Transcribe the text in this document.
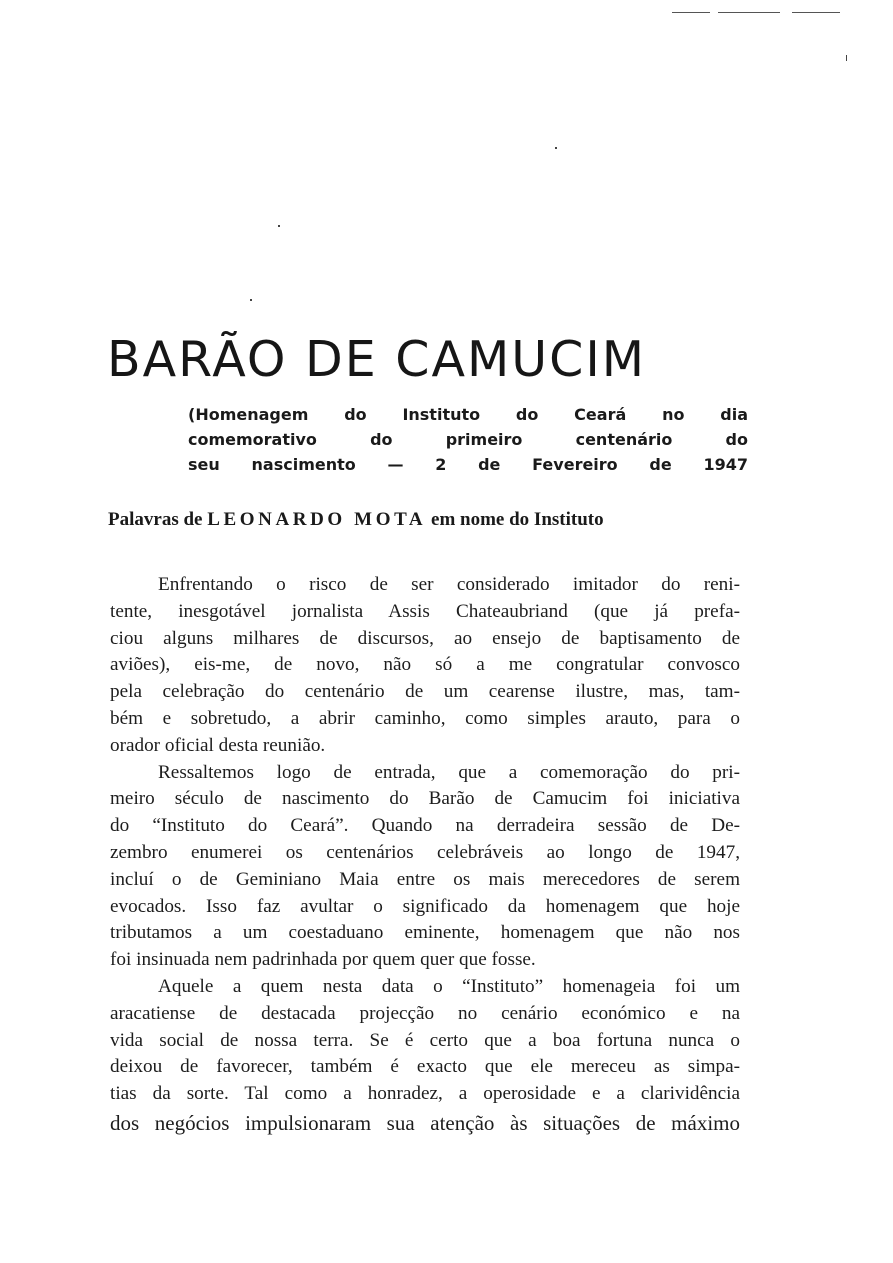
BARÃO DE CAMUCIM
(Homenagem do Instituto do Ceará no dia
comemorativo do primeiro centenário do
seu nascimento — 2 de Fevereiro de 1947
Palavras de LEONARDO MOTA em nome do Instituto
Enfrentando o risco de ser considerado imitador do reni-
tente, inesgotável jornalista Assis Chateaubriand (que já prefa-
ciou alguns milhares de discursos, ao ensejo de baptisamento de
aviões), eis-me, de novo, não só a me congratular convosco
pela celebração do centenário de um cearense ilustre, mas, tam-
bém e sobretudo, a abrir caminho, como simples arauto, para o
orador oficial desta reunião.
Ressaltemos logo de entrada, que a comemoração do pri-
meiro século de nascimento do Barão de Camucim foi iniciativa
do “Instituto do Ceará”. Quando na derradeira sessão de De-
zembro enumerei os centenários celebráveis ao longo de 1947,
incluí o de Geminiano Maia entre os mais merecedores de serem
evocados. Isso faz avultar o significado da homenagem que hoje
tributamos a um coestaduano eminente, homenagem que não nos
foi insinuada nem padrinhada por quem quer que fosse.
Aquele a quem nesta data o “Instituto” homenageia foi um
aracatiense de destacada projecção no cenário económico e na
vida social de nossa terra. Se é certo que a boa fortuna nunca o
deixou de favorecer, também é exacto que ele mereceu as simpa-
tias da sorte. Tal como a honradez, a operosidade e a clarividência
dos negócios impulsionaram sua atenção às situações de máximo
